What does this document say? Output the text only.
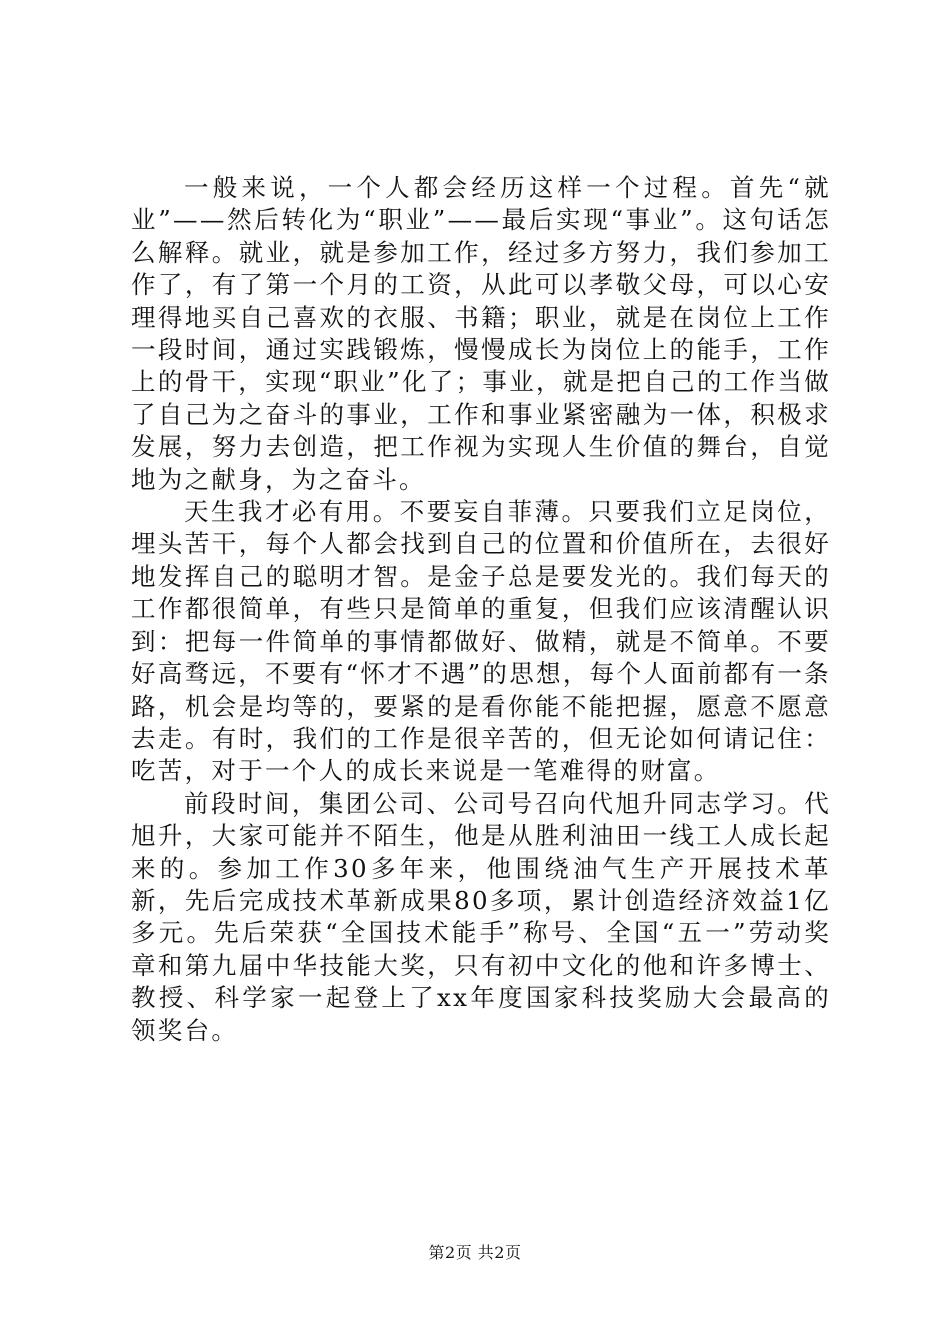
一般来说，一个人都会经历这样一个过程。首先“就业”——然后转化为“职业”——最后实现“事业”。这句话怎么解释。就业，就是参加工作，经过多方努力，我们参加工作了，有了第一个月的工资，从此可以孝敬父母，可以心安理得地买自己喜欢的衣服、书籍；职业，就是在岗位上工作一段时间，通过实践锻炼，慢慢成长为岗位上的能手，工作上的骨干，实现“职业”化了；事业，就是把自己的工作当做了自己为之奋斗的事业，工作和事业紧密融为一体，积极求发展，努力去创造，把工作视为实现人生价值的舞台，自觉地为之献身，为之奋斗。

天生我才必有用。不要妄自菲薄。只要我们立足岗位，埋头苦干，每个人都会找到自己的位置和价值所在，去很好地发挥自己的聪明才智。是金子总是要发光的。我们每天的工作都很简单，有些只是简单的重复，但我们应该清醒认识到：把每一件简单的事情都做好、做精，就是不简单。不要好高骛远，不要有“怀才不遇”的思想，每个人面前都有一条路，机会是均等的，要紧的是看你能不能把握，愿意不愿意去走。有时，我们的工作是很辛苦的，但无论如何请记住：吃苦，对于一个人的成长来说是一笔难得的财富。

前段时间，集团公司、公司号召向代旭升同志学习。代旭升，大家可能并不陌生，他是从胜利油田一线工人成长起来的。参加工作30多年来，他围绕油气生产开展技术革新，先后完成技术革新成果80多项，累计创造经济效益1亿多元。先后荣获“全国技术能手”称号、全国“五一”劳动奖章和第九届中华技能大奖，只有初中文化的他和许多博士、教授、科学家一起登上了xx年度国家科技奖励大会最高的领奖台。

第2页 共2页
